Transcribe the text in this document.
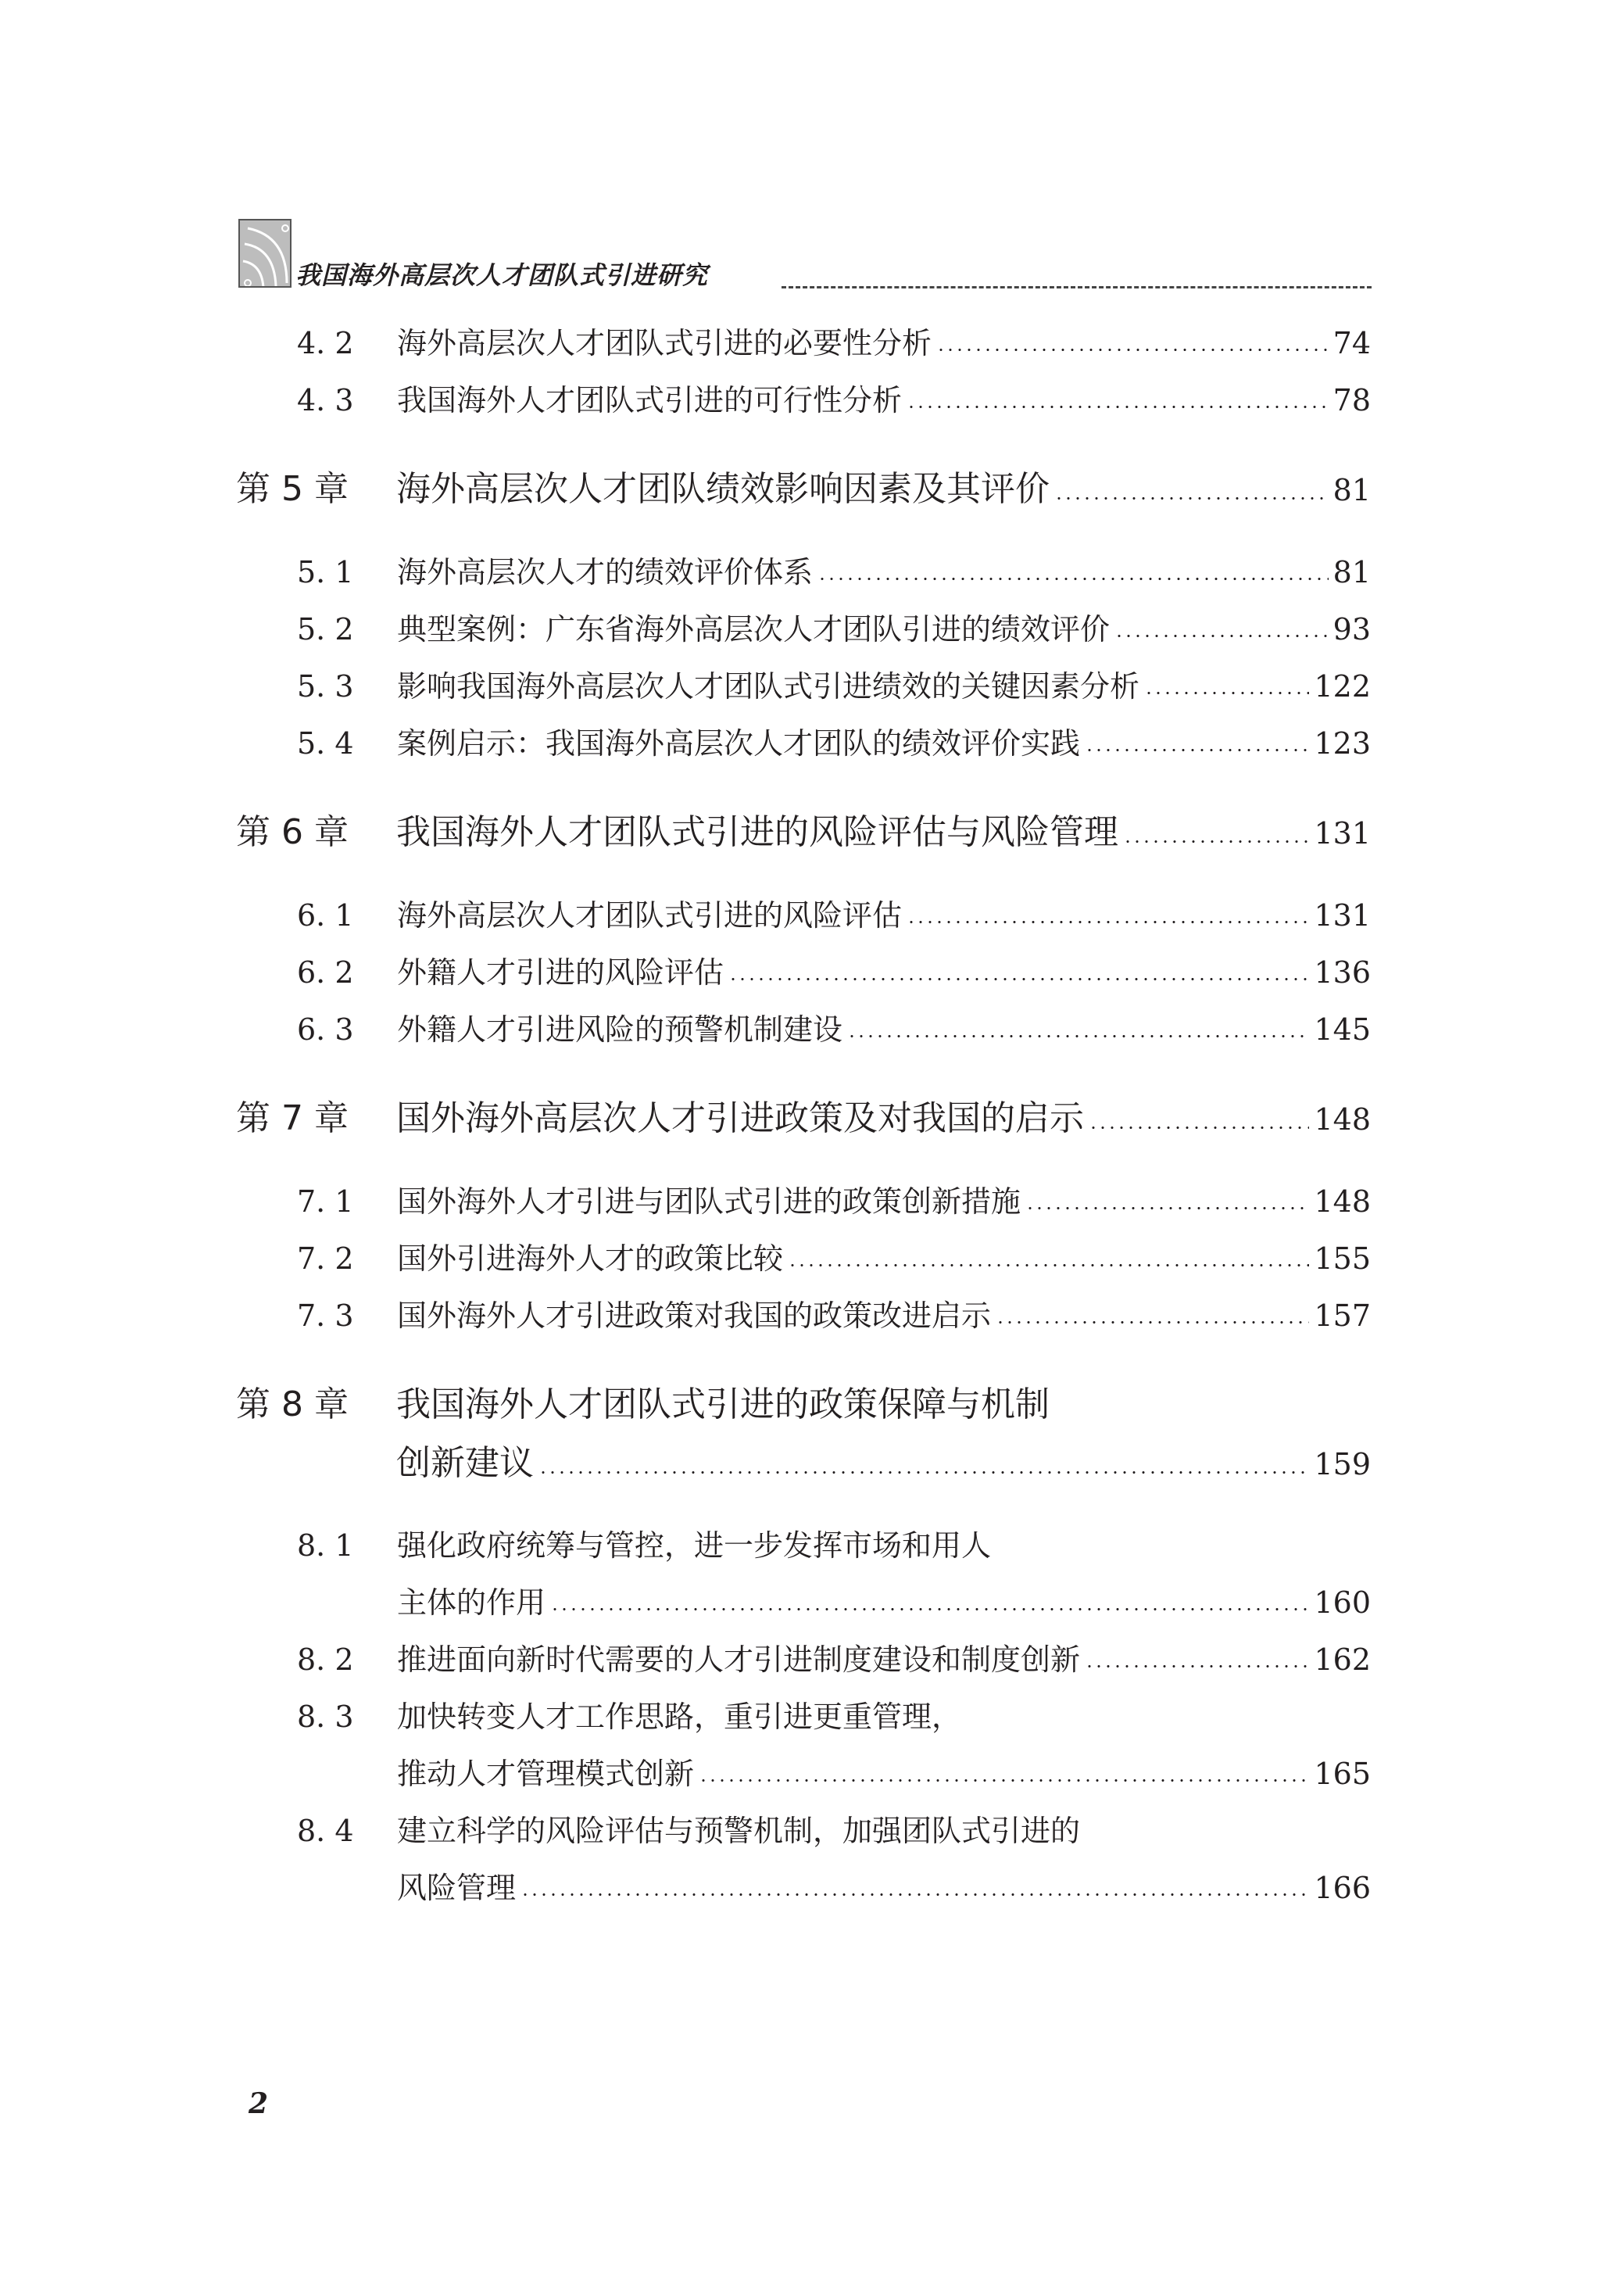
我国海外高层次人才团队式引进研究
4. 2 海外高层次人才团队式引进的必要性分析	74
4. 3 我国海外人才团队式引进的可行性分析	78
第 5 章 海外高层次人才团队绩效影响因素及其评价	81
5. 1 海外高层次人才的绩效评价体系	81
5. 2 典型案例：广东省海外高层次人才团队引进的绩效评价	93
5. 3 影响我国海外高层次人才团队式引进绩效的关键因素分析	122
5. 4 案例启示：我国海外高层次人才团队的绩效评价实践	123
第 6 章 我国海外人才团队式引进的风险评估与风险管理	131
6. 1 海外高层次人才团队式引进的风险评估	131
6. 2 外籍人才引进的风险评估	136
6. 3 外籍人才引进风险的预警机制建设	145
第 7 章 国外海外高层次人才引进政策及对我国的启示	148
7. 1 国外海外人才引进与团队式引进的政策创新措施	148
7. 2 国外引进海外人才的政策比较	155
7. 3 国外海外人才引进政策对我国的政策改进启示	157
第 8 章 我国海外人才团队式引进的政策保障与机制
创新建议	159
8. 1 强化政府统筹与管控，进一步发挥市场和用人
主体的作用	160
8. 2 推进面向新时代需要的人才引进制度建设和制度创新	162
8. 3 加快转变人才工作思路，重引进更重管理，
推动人才管理模式创新	165
8. 4 建立科学的风险评估与预警机制，加强团队式引进的
风险管理	166
2
